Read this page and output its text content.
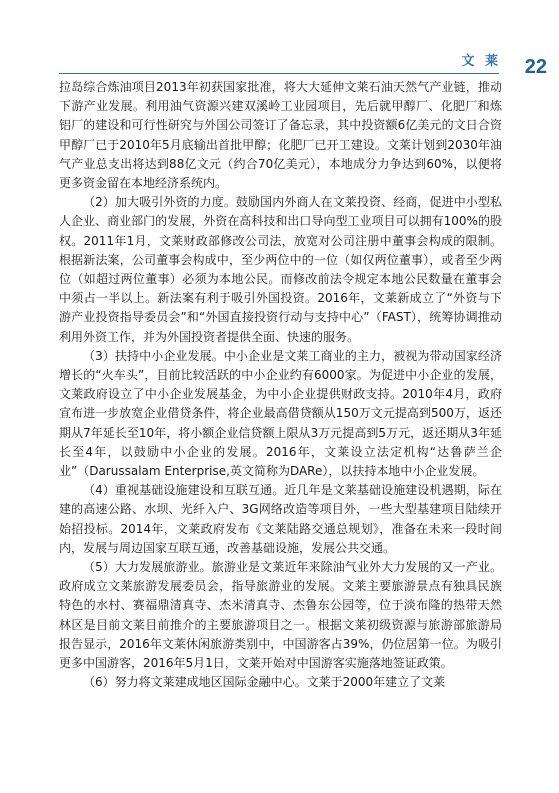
文 莱 22

拉岛综合炼油项目2013年初获国家批准，将大大延伸文莱石油天然气产业链，推动下游产业发展。利用油气资源兴建双溪岭工业园项目，先后就甲醇厂、化肥厂和炼铝厂的建设和可行性研究与外国公司签订了备忘录，其中投资额6亿美元的文日合资甲醇厂已于2010年5月底输出首批甲醇；化肥厂已开工建设。文莱计划到2030年油气产业总支出将达到88亿文元（约合70亿美元），本地成分力争达到60%，以便将更多资金留在本地经济系统内。

（2）加大吸引外资的力度。鼓励国内外商人在文莱投资、经商，促进中小型私人企业、商业部门的发展，外资在高科技和出口导向型工业项目可以拥有100%的股权。2011年1月，文莱财政部修改公司法，放宽对公司注册中董事会构成的限制。根据新法案，公司董事会构成中，至少两位中的一位（如仅两位董事），或者至少两位（如超过两位董事）必须为本地公民。而修改前法令规定本地公民数量在董事会中须占一半以上。新法案有利于吸引外国投资。2016年，文莱新成立了“外资与下游产业投资指导委员会”和“外国直接投资行动与支持中心”（FAST），统筹协调推动利用外资工作，并为外国投资者提供全面、快速的服务。

（3）扶持中小企业发展。中小企业是文莱工商业的主力，被视为带动国家经济增长的“火车头”，目前比较活跃的中小企业约有6000家。为促进中小企业的发展，文莱政府设立了中小企业发展基金，为中小企业提供财政支持。2010年4月，政府宣布进一步放宽企业借贷条件，将企业最高借贷额从150万文元提高到500万，返还期从7年延长至10年，将小额企业信贷额上限从3万元提高到5万元，返还期从3年延长至4年，以鼓励中小企业的发展。2016年，文莱设立法定机构“达鲁萨兰企业”（Darussalam Enterprise,英文简称为DARe），以扶持本地中小企业发展。

（4）重视基础设施建设和互联互通。近几年是文莱基础设施建设机遇期，际在建的高速公路、水坝、光纤入户、3G网络改造等项目外，一些大型基建项目陆续开始招投标。2014年，文莱政府发布《文莱陆路交通总规划》，准备在未来一段时间内，发展与周边国家互联互通，改善基础设施，发展公共交通。

（5）大力发展旅游业。旅游业是文莱近年来除油气业外大力发展的又一产业。政府成立文莱旅游发展委员会，指导旅游业的发展。文莱主要旅游景点有独具民族特色的水村、赛福鼎清真寺、杰米清真寺、杰鲁东公园等，位于淡布隆的热带天然林区是目前文莱目前推介的主要旅游项目之一。根据文莱初级资源与旅游部旅游局报告显示，2016年文莱休闲旅游类别中，中国游客占39%，仍位居第一位。为吸引更多中国游客，2016年5月1日，文莱开始对中国游客实施落地签证政策。

（6）努力将文莱建成地区国际金融中心。文莱于2000年建立了文莱
